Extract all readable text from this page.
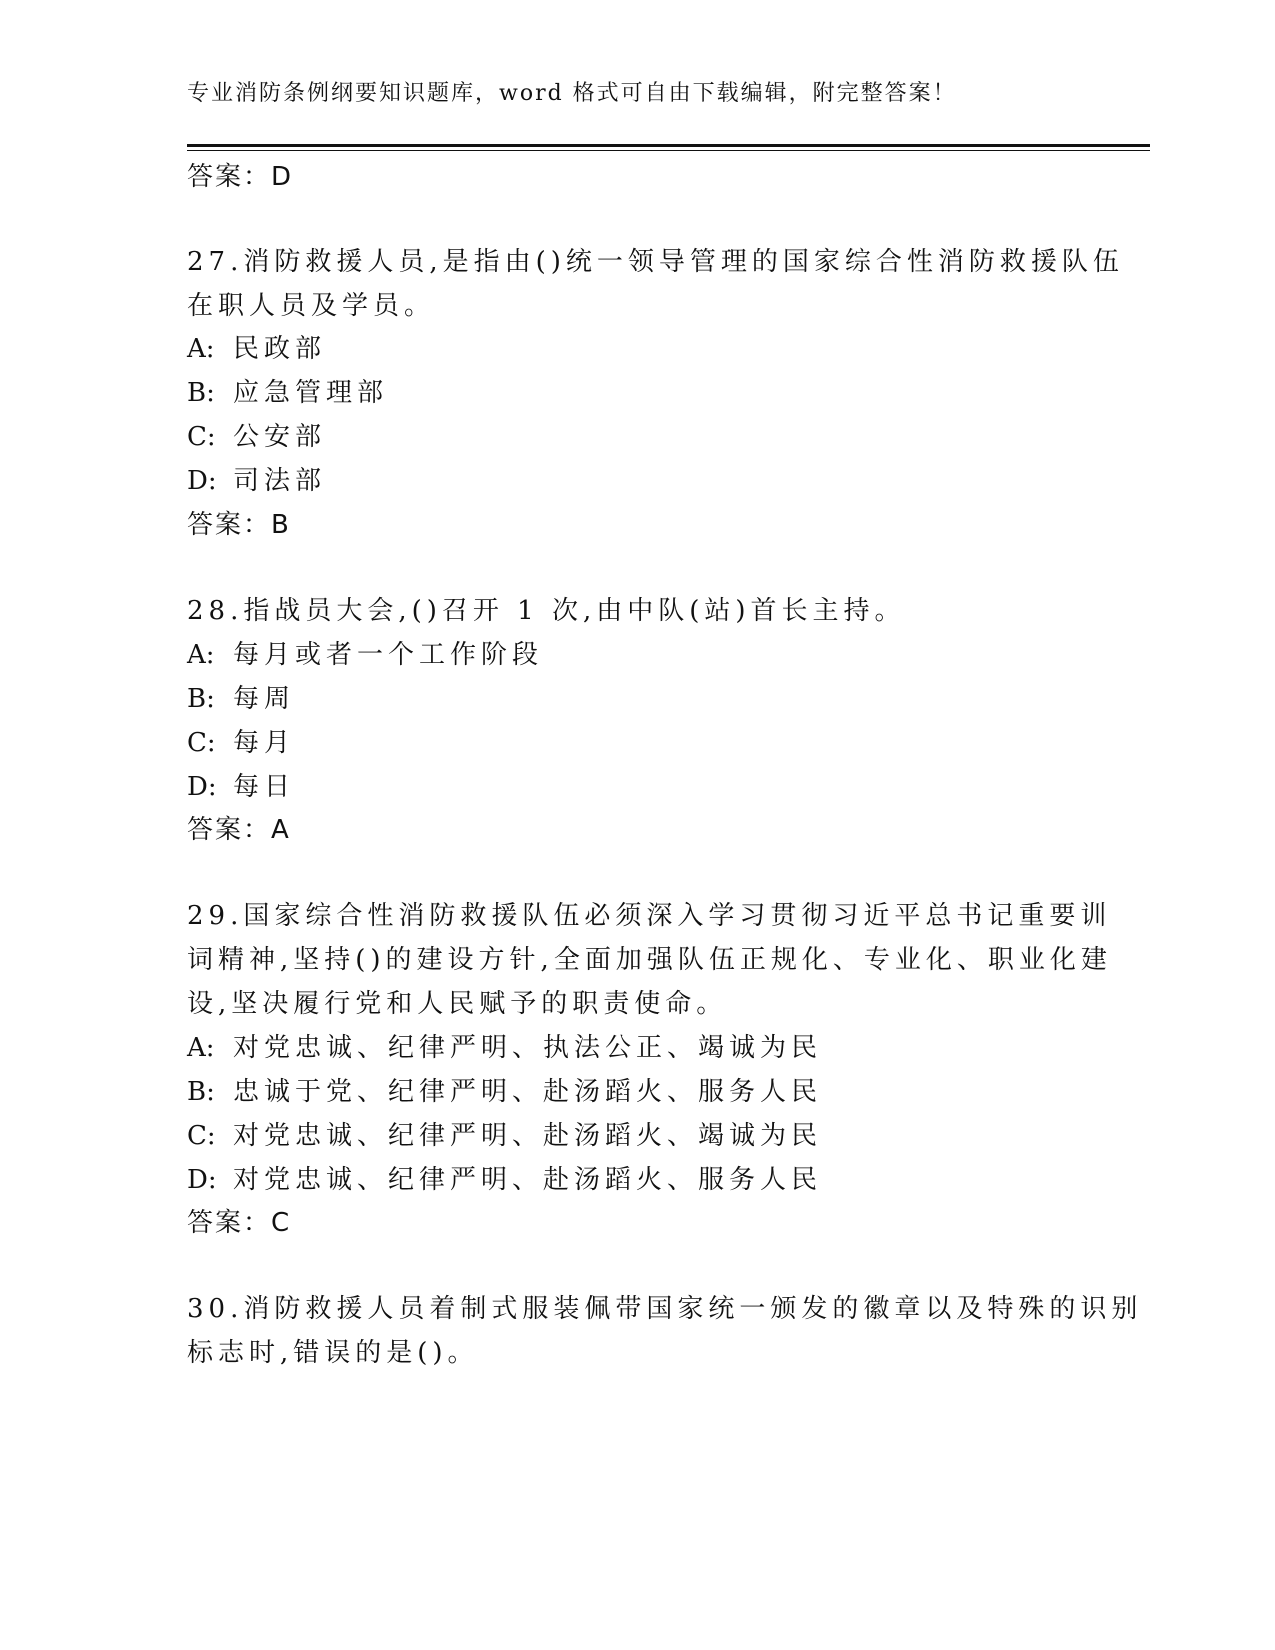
专业消防条例纲要知识题库，word 格式可自由下载编辑，附完整答案！
答案：D
27.消防救援人员,是指由()统一领导管理的国家综合性消防救援队伍
在职人员及学员。
A: 民政部
B: 应急管理部
C: 公安部
D: 司法部
答案：B
28.指战员大会,()召开 1 次,由中队(站)首长主持。
A: 每月或者一个工作阶段
B: 每周
C: 每月
D: 每日
答案：A
29.国家综合性消防救援队伍必须深入学习贯彻习近平总书记重要训
词精神,坚持()的建设方针,全面加强队伍正规化、专业化、职业化建
设,坚决履行党和人民赋予的职责使命。
A: 对党忠诚、纪律严明、执法公正、竭诚为民
B: 忠诚于党、纪律严明、赴汤蹈火、服务人民
C: 对党忠诚、纪律严明、赴汤蹈火、竭诚为民
D: 对党忠诚、纪律严明、赴汤蹈火、服务人民
答案：C
30.消防救援人员着制式服装佩带国家统一颁发的徽章以及特殊的识别
标志时,错误的是()。
